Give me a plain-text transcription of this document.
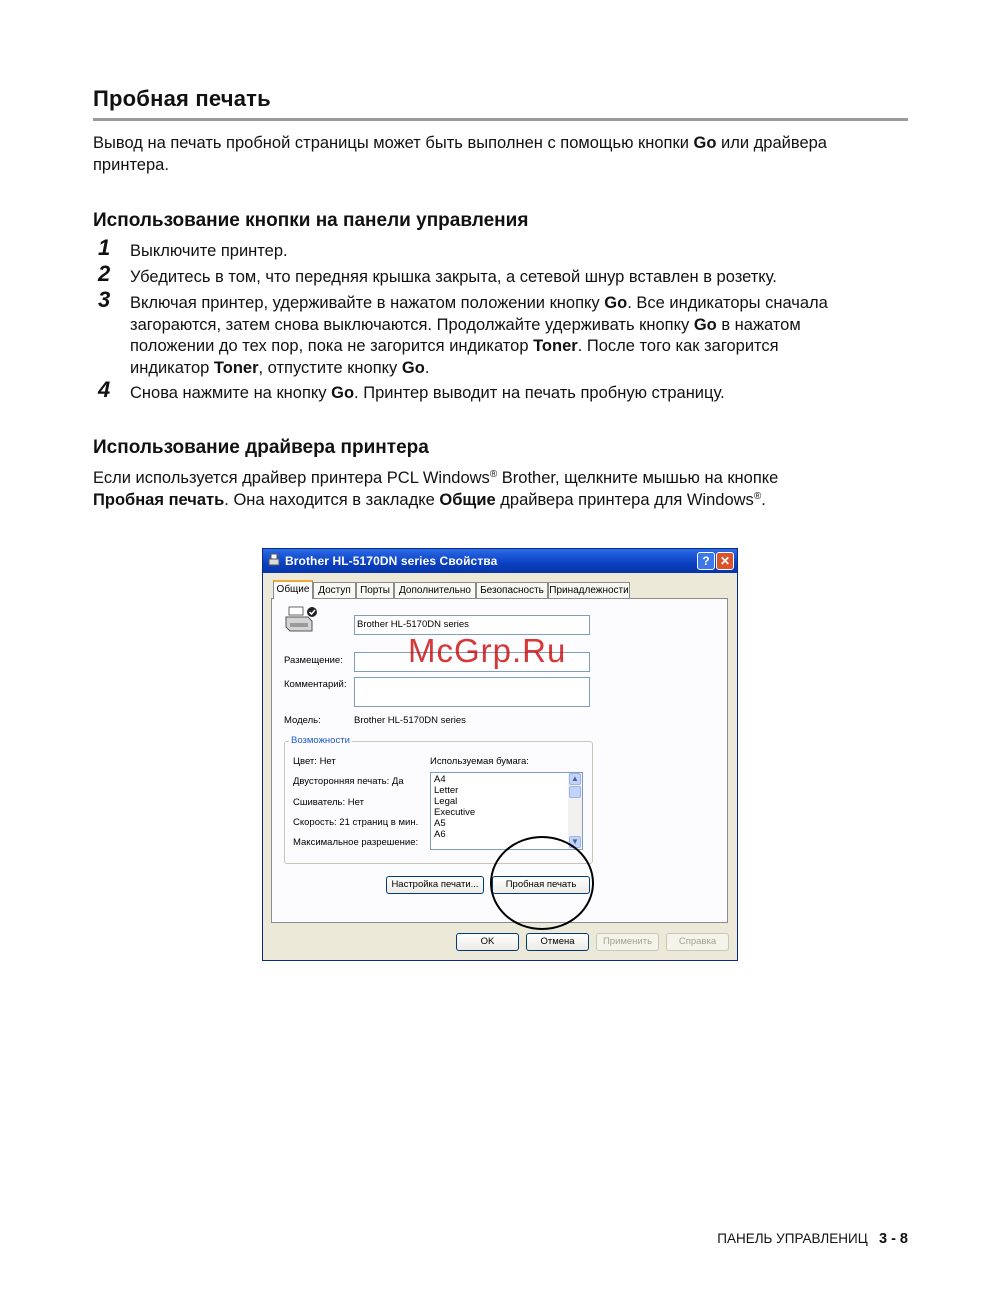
Пробная печать
Вывод на печать пробной страницы может быть выполнен с помощью кнопки Go или драйвера
принтера.
Использование кнопки на панели управления
1 Выключите принтер.
2 Убедитесь в том, что передняя крышка закрыта, а сетевой шнур вставлен в розетку.
3 Включая принтер, удерживайте в нажатом положении кнопку Go. Все индикаторы сначала
загораются, затем снова выключаются. Продолжайте удерживать кнопку Go в нажатом
положении до тех пор, пока не загорится индикатор Toner. После того как загорится
индикатор Toner, отпустите кнопку Go.
4 Снова нажмите на кнопку Go. Принтер выводит на печать пробную страницу.
Использование драйвера принтера
Если используется драйвер принтера PCL Windows® Brother, щелкните мышью на кнопке
Пробная печать. Она находится в закладке Общие драйвера принтера для Windows®.
Brother HL-5170DN series Свойства	? ✕
Общие Доступ Порты Дополнительно Безопасность Принадлежности
Brother HL-5170DN series
Размещение:
Комментарий:
Модель:	Brother HL-5170DN series
Возможности
Цвет: Нет
Двусторонняя печать: Да
Сшиватель: Нет
Скорость: 21 страниц в мин.
Максимальное разрешение:
Используемая бумага:
A4
Letter
Legal
Executive
A5
A6
▲
▼
Настройка печати...	Пробная печать
OK	Отмена	Применить	Справка
McGrp.Ru
ПАНЕЛЬ УПРАВЛЕНИЦ 3 - 8
